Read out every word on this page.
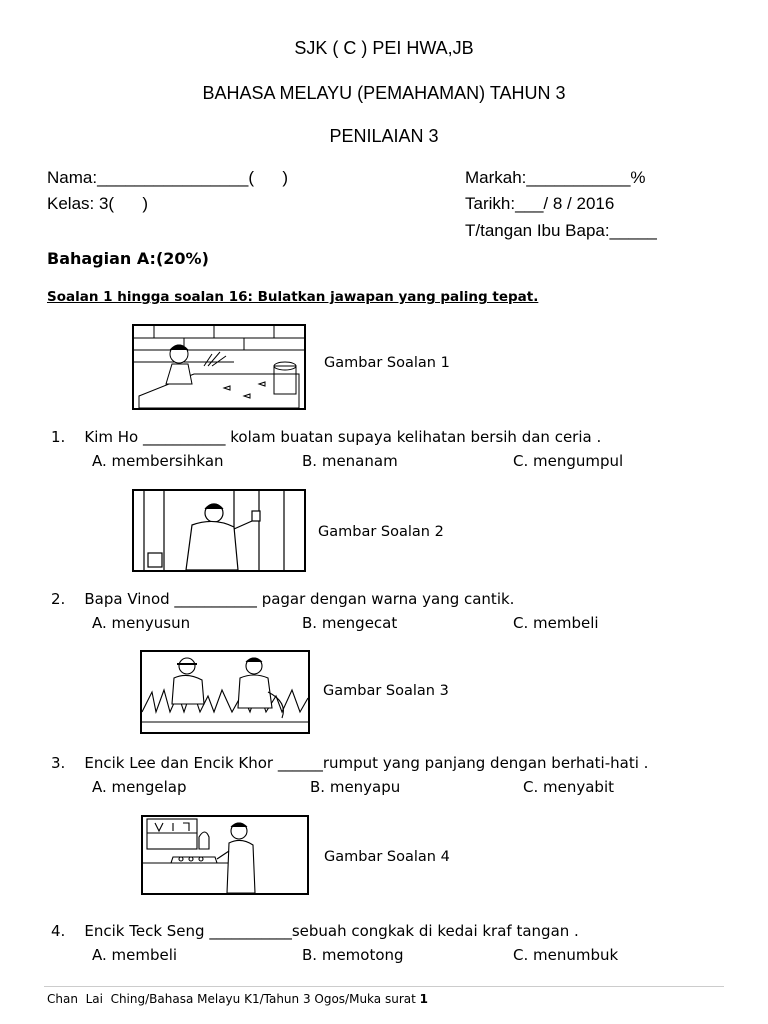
SJK ( C ) PEI HWA,JB
BAHASA MELAYU (PEMAHAMAN) TAHUN 3
PENILAIAN 3
Nama:________________(      )
Kelas: 3(      )
Markah:___________%
Tarikh:___/ 8 / 2016
T/tangan Ibu Bapa:_____
Bahagian A:(20%)
Soalan 1 hingga soalan 16: Bulatkan jawapan yang paling tepat.
Gambar Soalan 1
1.    Kim Ho ___________ kolam buatan supaya kelihatan bersih dan ceria .
A. membersihkan	B. menanam	C. mengumpul
Gambar Soalan 2
2.    Bapa Vinod ___________ pagar dengan warna yang cantik.
A. menyusun	B. mengecat	C. membeli
Gambar Soalan 3
3.    Encik Lee dan Encik Khor ______rumput yang panjang dengan berhati-hati .
A. mengelap	B. menyapu	C. menyabit
Gambar Soalan 4
4.    Encik Teck Seng ___________sebuah congkak di kedai kraf tangan .
A. membeli	B. memotong	C. menumbuk
Chan  Lai  Ching/Bahasa Melayu K1/Tahun 3 Ogos/Muka surat 1
